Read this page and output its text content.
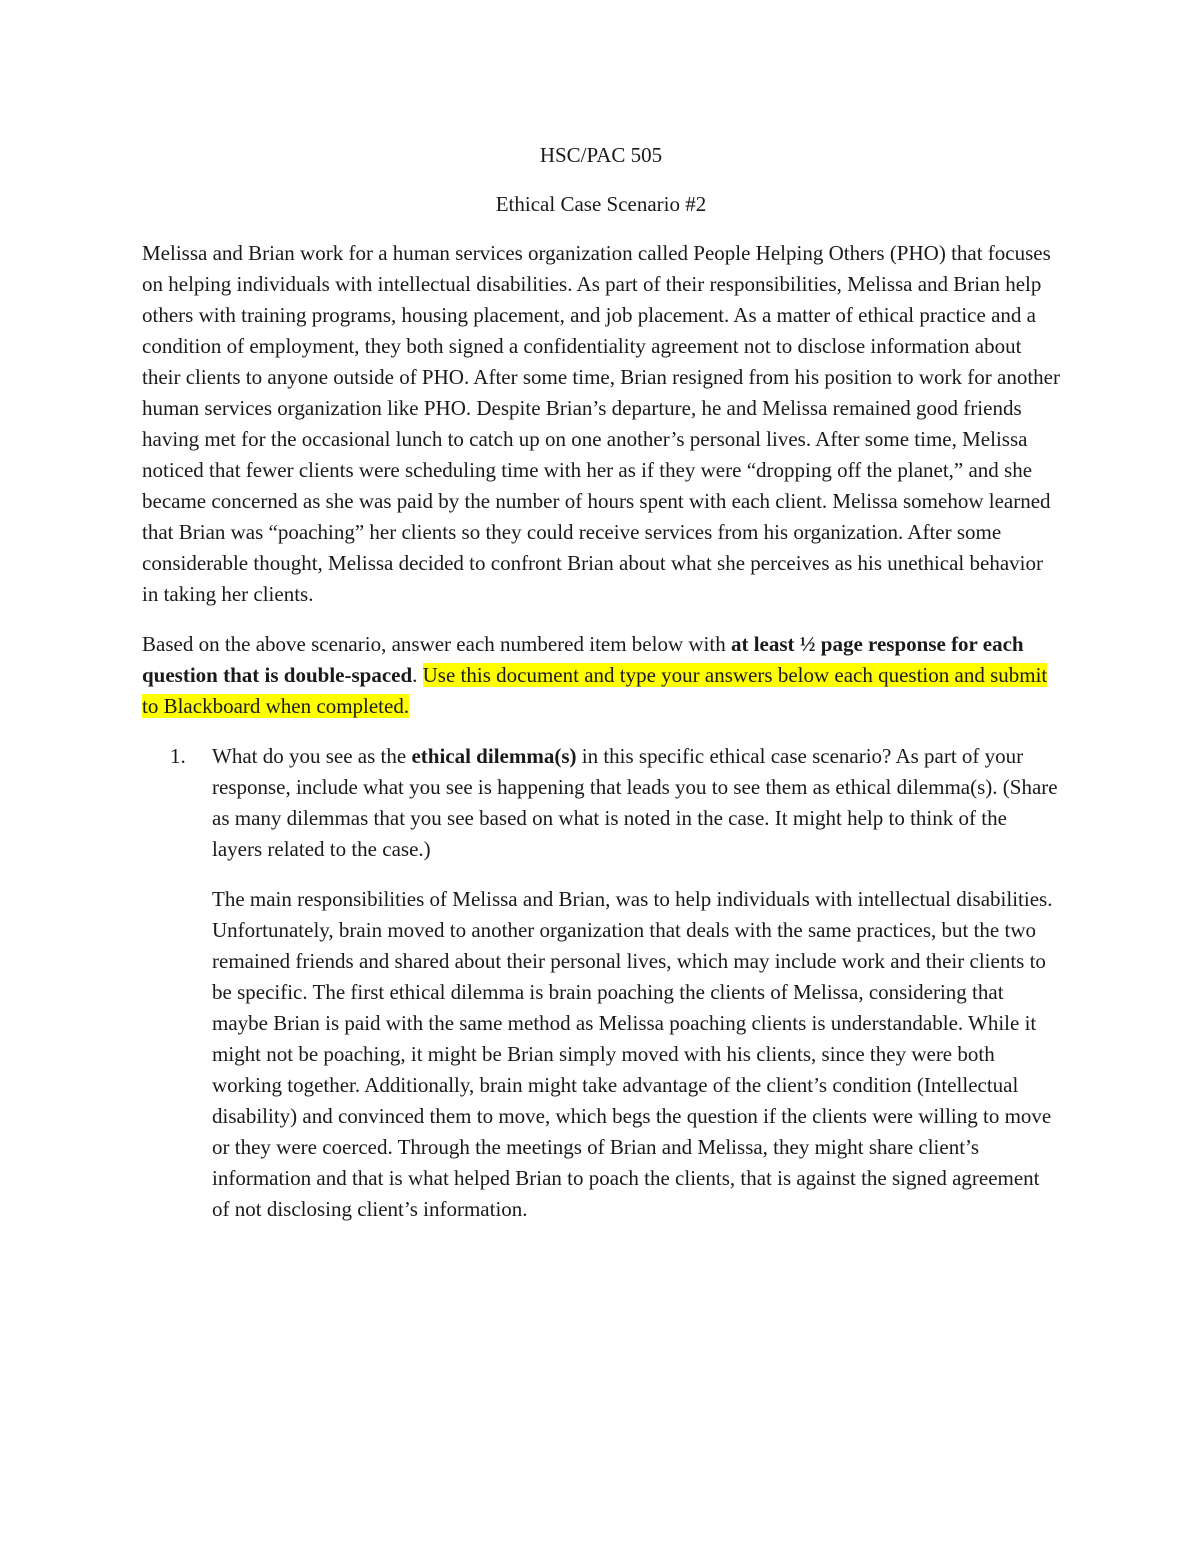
HSC/PAC 505

Ethical Case Scenario #2

Melissa and Brian work for a human services organization called People Helping Others (PHO) that focuses on helping individuals with intellectual disabilities. As part of their responsibilities, Melissa and Brian help others with training programs, housing placement, and job placement. As a matter of ethical practice and a condition of employment, they both signed a confidentiality agreement not to disclose information about their clients to anyone outside of PHO. After some time, Brian resigned from his position to work for another human services organization like PHO. Despite Brian’s departure, he and Melissa remained good friends having met for the occasional lunch to catch up on one another’s personal lives. After some time, Melissa noticed that fewer clients were scheduling time with her as if they were “dropping off the planet,” and she became concerned as she was paid by the number of hours spent with each client. Melissa somehow learned that Brian was “poaching” her clients so they could receive services from his organization. After some considerable thought, Melissa decided to confront Brian about what she perceives as his unethical behavior in taking her clients.

Based on the above scenario, answer each numbered item below with at least ½ page response for each question that is double-spaced. Use this document and type your answers below each question and submit to Blackboard when completed.

1. What do you see as the ethical dilemma(s) in this specific ethical case scenario? As part of your response, include what you see is happening that leads you to see them as ethical dilemma(s). (Share as many dilemmas that you see based on what is noted in the case. It might help to think of the layers related to the case.)

The main responsibilities of Melissa and Brian, was to help individuals with intellectual disabilities. Unfortunately, brain moved to another organization that deals with the same practices, but the two remained friends and shared about their personal lives, which may include work and their clients to be specific. The first ethical dilemma is brain poaching the clients of Melissa, considering that maybe Brian is paid with the same method as Melissa poaching clients is understandable. While it might not be poaching, it might be Brian simply moved with his clients, since they were both working together. Additionally, brain might take advantage of the client’s condition (Intellectual disability) and convinced them to move, which begs the question if the clients were willing to move or they were coerced. Through the meetings of Brian and Melissa, they might share client’s information and that is what helped Brian to poach the clients, that is against the signed agreement of not disclosing client’s information.
